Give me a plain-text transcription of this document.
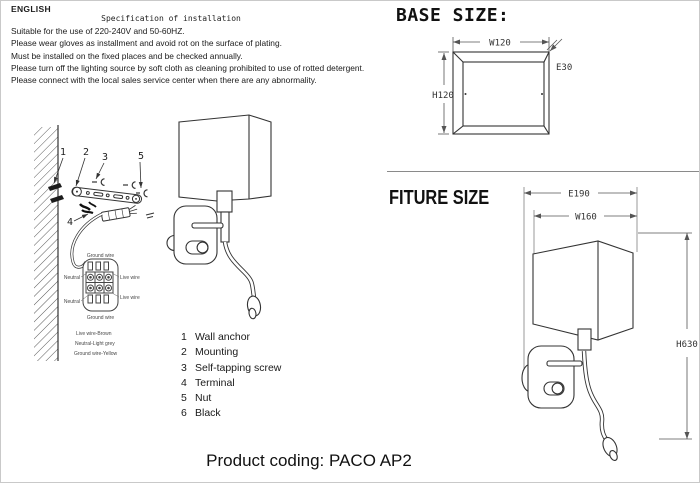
ENGLISH
Specification of installation
Suitable for the use of 220-240V and 50-60HZ.
Please wear gloves as installment and avoid rot on the surface of plating.
Must be installed on the fixed places and be checked annually.
Please turn off the lighting source by soft cloth as cleaning prohibited to use of rotted detergent.
Please connect with the local sales service center when there are any abnormality.
BASE SIZE:
W120
H120
E30
FITURE SIZE	E190
W160
H630
1 2 3	5
4
Ground wire
Neutral	Live wire
Neutral
Live wire
Ground wire
Live wire-Brown
Neutral-Light grey
Ground wire-Yellow
1 Wall anchor
2 Mounting
3 Self-tapping screw
4 Terminal
5 Nut
6 Black
Product coding: PACO AP2
